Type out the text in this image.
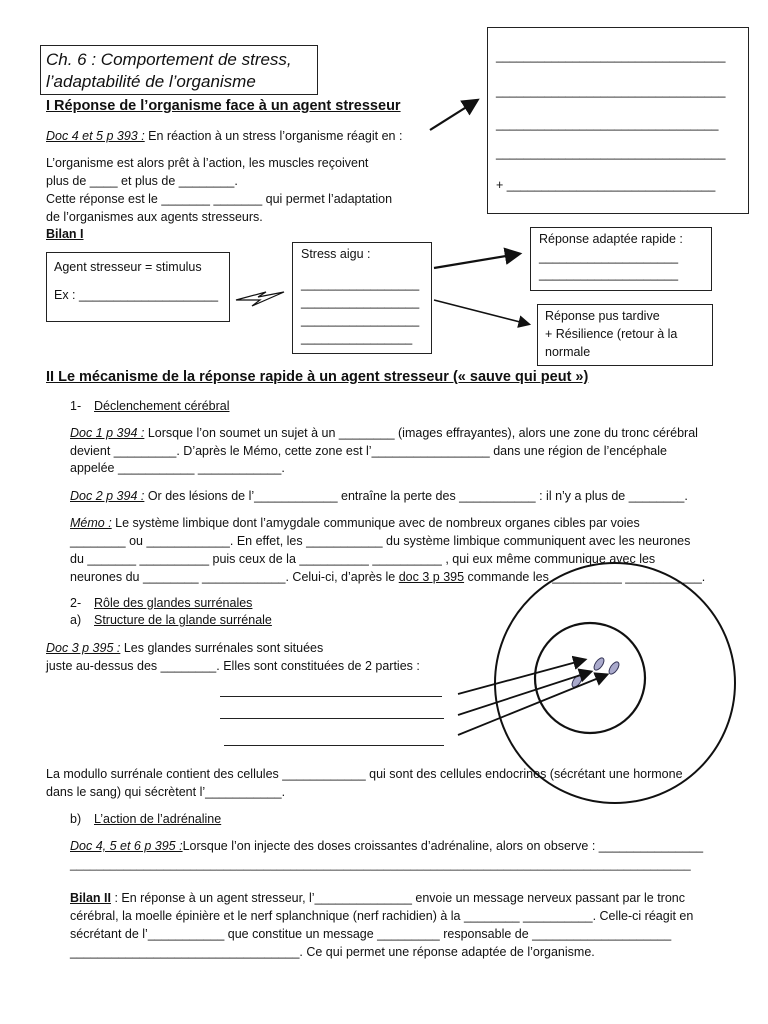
Ch. 6 : Comportement de stress,
l’adaptabilité de l’organisme
I Réponse de l’organisme face à un agent stresseur
_________________________________
_________________________________
________________________________
_________________________________
+ ______________________________
Doc 4 et 5 p 393 : En réaction à un stress l’organisme réagit en :
L’organisme est alors prêt à l’action, les muscles reçoivent
plus de ____ et plus de ________.
Cette réponse est le _______ _______ qui permet l’adaptation
de l’organismes aux agents stresseurs.
Bilan I
Agent stresseur = stimulus
Ex : ____________________
Stress aigu :
_________________
_________________
_________________
________________
Réponse adaptée rapide :
____________________
____________________
Réponse pus tardive
+ Résilience (retour à la
normale
II Le mécanisme de la réponse rapide à un agent stresseur (« sauve qui peut »)
1- Déclenchement cérébral
Doc 1 p 394 : Lorsque l’on soumet un sujet à un ________ (images effrayantes), alors une zone du tronc cérébral
devient _________. D’après le Mémo, cette zone est l’_________________ dans une région de l’encéphale
appelée ___________ ____________.
Doc 2 p 394 : Or des lésions de l’____________ entraîne la perte des ___________ : il n’y a plus de ________.
Mémo : Le système limbique dont l’amygdale communique avec de nombreux organes cibles par voies
________ ou ____________. En effet, les ___________ du système limbique communiquent avec les neurones
du _______ __________ puis ceux de la __________ __________ , qui eux même communique avec les
neurones du ________ ____________. Celui-ci, d’après le doc 3 p 395 commande les __________ ___________.
2- Rôle des glandes surrénales
a) Structure de la glande surrénale
Doc 3 p 395 : Les glandes surrénales sont situées
juste au-dessus des ________. Elles sont constituées de 2 parties :
La modullo surrénale contient des cellules ____________ qui sont des cellules endocrines (sécrétant une hormone
dans le sang) qui sécrètent l’___________.
b) L’action de l’adrénaline
Doc 4, 5 et 6 p 395 :Lorsque l’on injecte des doses croissantes d’adrénaline, alors on observe : _______________
_____________________________________________________________________________________________
Bilan II : En réponse à un agent stresseur, l’______________ envoie un message nerveux passant par le tronc
cérébral, la moelle épinière et le nerf splanchnique (nerf rachidien) à la ________ __________. Celle-ci réagit en
sécrétant de l’___________ que constitue un message _________ responsable de ____________________
_________________________________. Ce qui permet une réponse adaptée de l’organisme.
